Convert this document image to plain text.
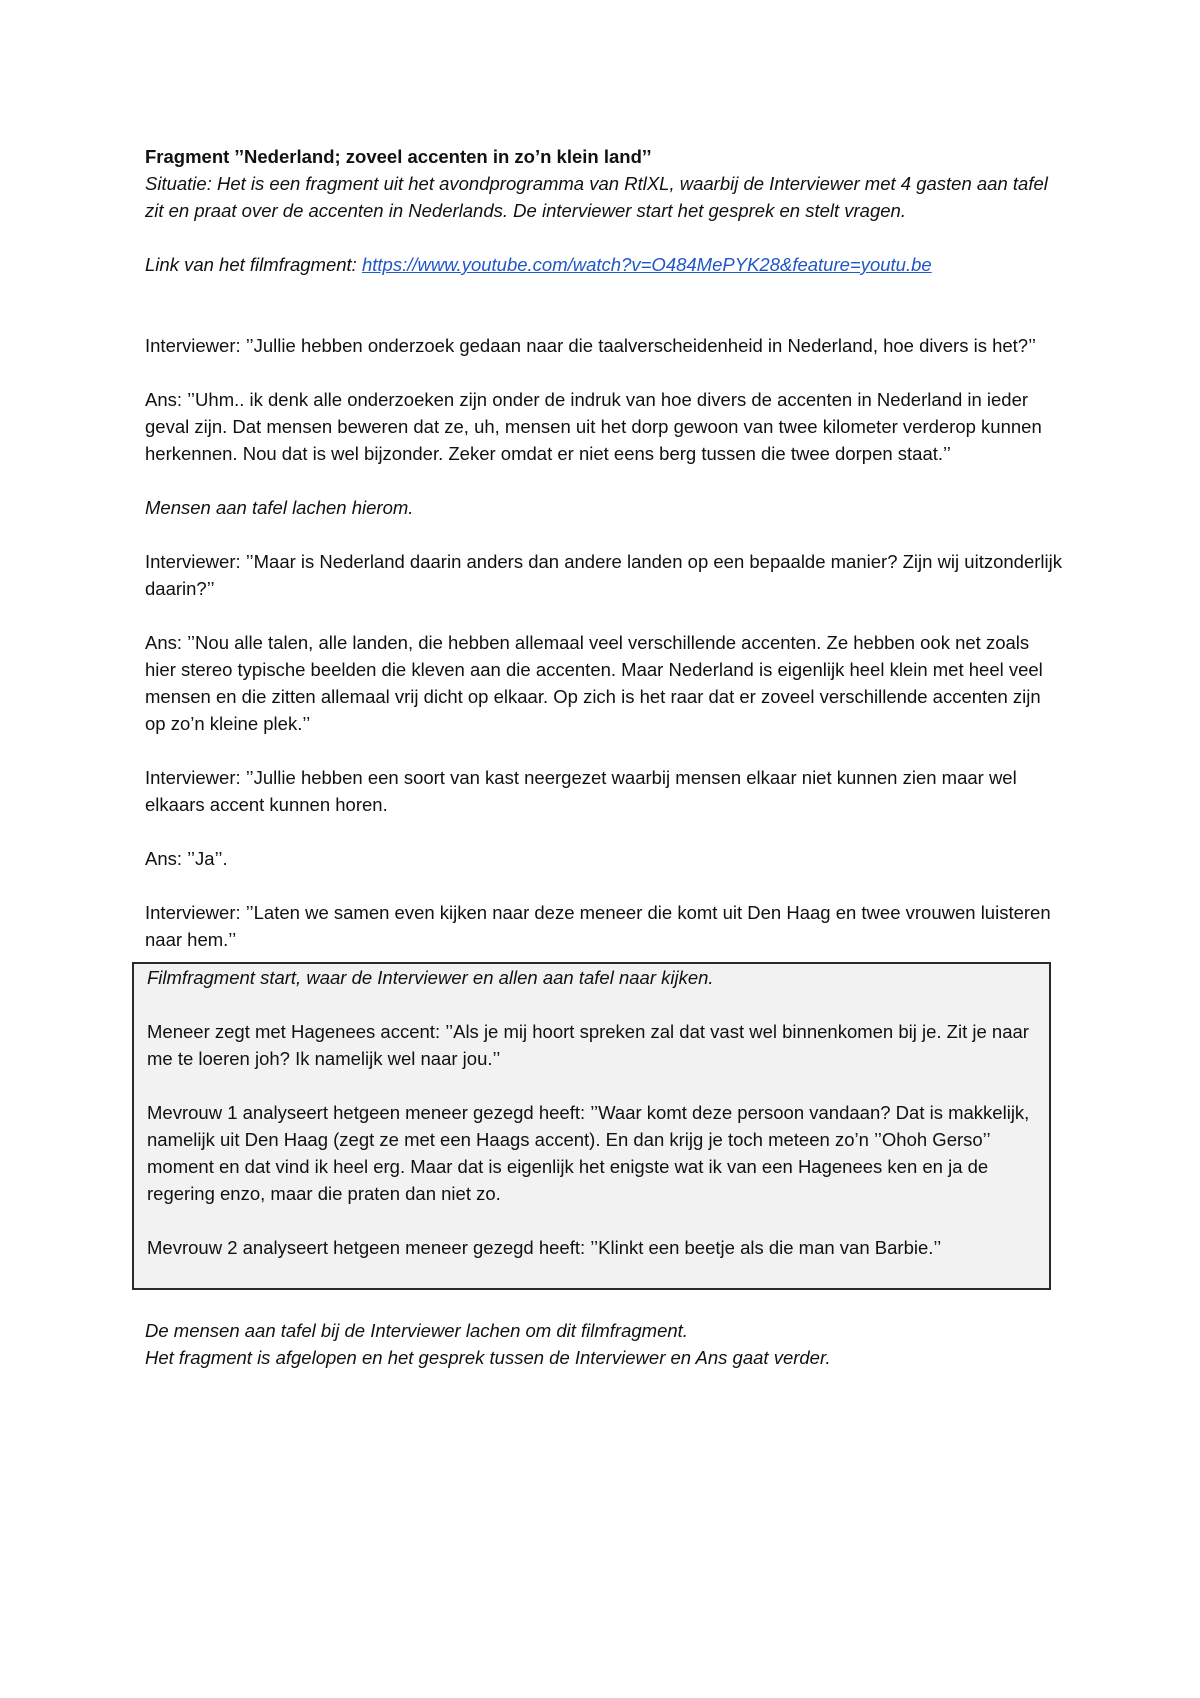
Fragment ’’Nederland; zoveel accenten in zo’n klein land’’

Situatie: Het is een fragment uit het avondprogramma van RtlXL, waarbij de Interviewer met 4 gasten aan tafel zit en praat over de accenten in Nederlands. De interviewer start het gesprek en stelt vragen.

Link van het filmfragment: https://www.youtube.com/watch?v=O484MePYK28&feature=youtu.be

Interviewer: ’’Jullie hebben onderzoek gedaan naar die taalverscheidenheid in Nederland, hoe divers is het?’’

Ans: ’’Uhm.. ik denk alle onderzoeken zijn onder de indruk van hoe divers de accenten in Nederland in ieder geval zijn. Dat mensen beweren dat ze, uh, mensen uit het dorp gewoon van twee kilometer verderop kunnen herkennen. Nou dat is wel bijzonder. Zeker omdat er niet eens berg tussen die twee dorpen staat.’’

Mensen aan tafel lachen hierom.

Interviewer: ’’Maar is Nederland daarin anders dan andere landen op een bepaalde manier? Zijn wij uitzonderlijk daarin?’’

Ans: ’’Nou alle talen, alle landen, die hebben allemaal veel verschillende accenten. Ze hebben ook net zoals hier stereo typische beelden die kleven aan die accenten. Maar Nederland is eigenlijk heel klein met heel veel mensen en die zitten allemaal vrij dicht op elkaar. Op zich is het raar dat er zoveel verschillende accenten zijn op zo’n kleine plek.’’

Interviewer: ’’Jullie hebben een soort van kast neergezet waarbij mensen elkaar niet kunnen zien maar wel elkaars accent kunnen horen.

Ans: ’’Ja’’.

Interviewer: ’’Laten we samen even kijken naar deze meneer die komt uit Den Haag en twee vrouwen luisteren naar hem.’’

Filmfragment start, waar de Interviewer en allen aan tafel naar kijken.

Meneer zegt met Hagenees accent: ’’Als je mij hoort spreken zal dat vast wel binnenkomen bij je. Zit je naar me te loeren joh? Ik namelijk wel naar jou.’’

Mevrouw 1 analyseert hetgeen meneer gezegd heeft: ’’Waar komt deze persoon vandaan? Dat is makkelijk, namelijk uit Den Haag (zegt ze met een Haags accent). En dan krijg je toch meteen zo’n ’’Ohoh Gerso’’ moment en dat vind ik heel erg. Maar dat is eigenlijk het enigste wat ik van een Hagenees ken en ja de regering enzo, maar die praten dan niet zo.

Mevrouw 2 analyseert hetgeen meneer gezegd heeft: ’’Klinkt een beetje als die man van Barbie.’’

De mensen aan tafel bij de Interviewer lachen om dit filmfragment.

Het fragment is afgelopen en het gesprek tussen de Interviewer en Ans gaat verder.
